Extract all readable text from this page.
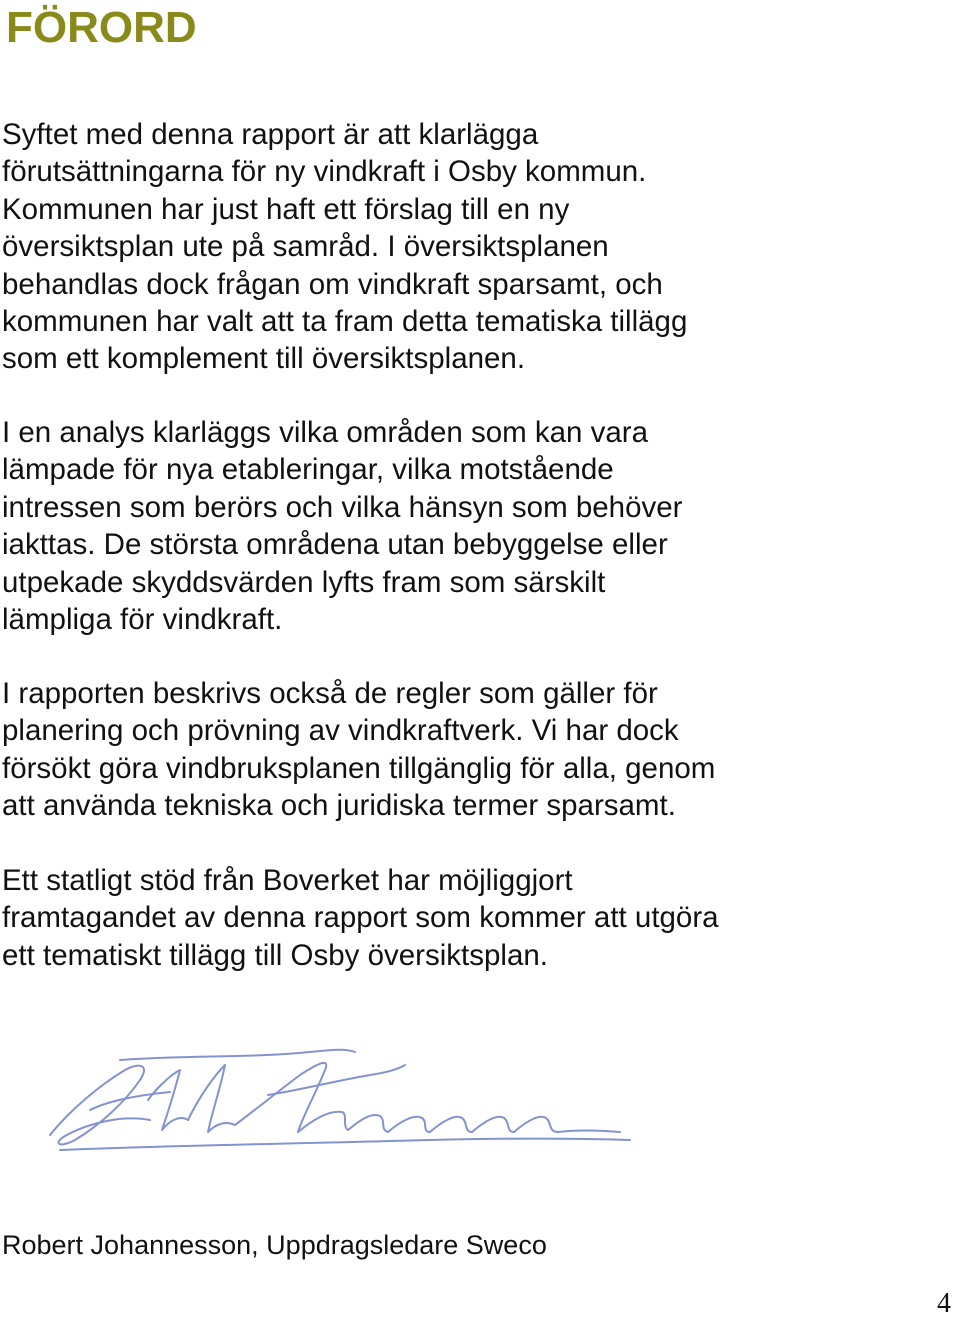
FÖRORD
Syftet med denna rapport är att klarlägga
förutsättningarna för ny vindkraft i Osby kommun.
Kommunen har just haft ett förslag till en ny
översiktsplan ute på samråd. I översiktsplanen
behandlas dock frågan om vindkraft sparsamt, och
kommunen har valt att ta fram detta tematiska tillägg
som ett komplement till översiktsplanen.
I en analys klarläggs vilka områden som kan vara
lämpade för nya etableringar, vilka motstående
intressen som berörs och vilka hänsyn som behöver
iakttas. De största områdena utan bebyggelse eller
utpekade skyddsvärden lyfts fram som särskilt
lämpliga för vindkraft.
I rapporten beskrivs också de regler som gäller för
planering och prövning av vindkraftverk. Vi har dock
försökt göra vindbruksplanen tillgänglig för alla, genom
att använda tekniska och juridiska termer sparsamt.
Ett statligt stöd från Boverket har möjliggjort
framtagandet av denna rapport som kommer att utgöra
ett tematiskt tillägg till Osby översiktsplan.

Robert Johannesson, Uppdragsledare Sweco

4
